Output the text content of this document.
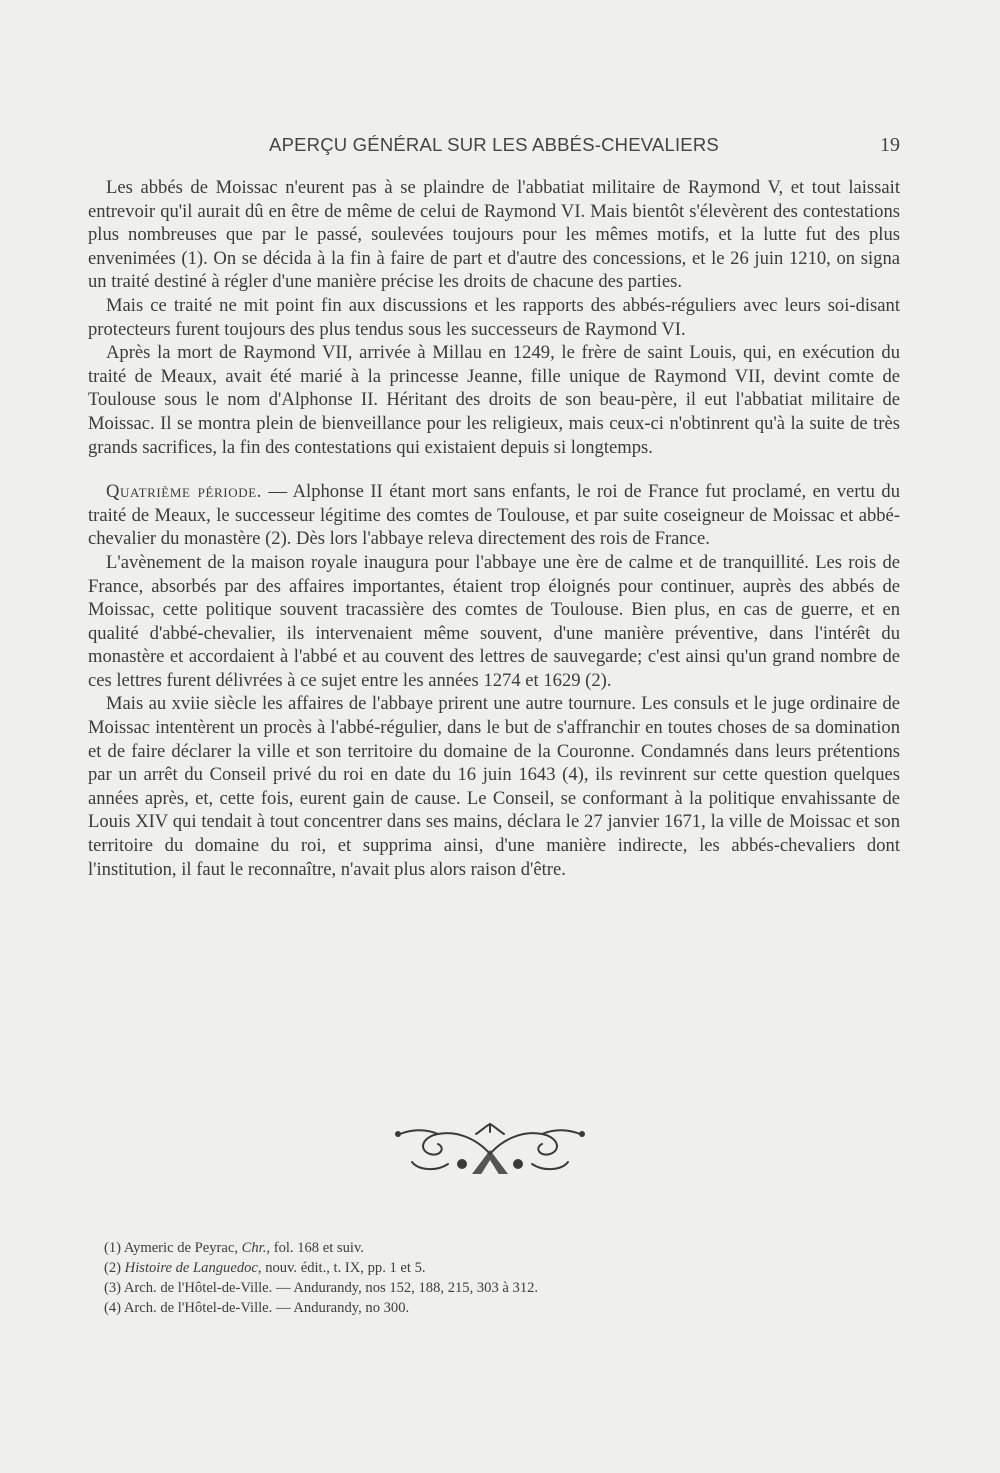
APERÇU GÉNÉRAL SUR LES ABBÉS-CHEVALIERS	19

Les abbés de Moissac n'eurent pas à se plaindre de l'abbatiat militaire de Raymond V, et tout laissait entrevoir qu'il aurait dû en être de même de celui de Raymond VI. Mais bientôt s'élevèrent des contestations plus nombreuses que par le passé, soulevées toujours pour les mêmes motifs, et la lutte fut des plus envenimées (1). On se décida à la fin à faire de part et d'autre des concessions, et le 26 juin 1210, on signa un traité destiné à régler d'une manière précise les droits de chacune des parties.

Mais ce traité ne mit point fin aux discussions et les rapports des abbés-réguliers avec leurs soi-disant protecteurs furent toujours des plus tendus sous les successeurs de Raymond VI.

Après la mort de Raymond VII, arrivée à Millau en 1249, le frère de saint Louis, qui, en exécution du traité de Meaux, avait été marié à la princesse Jeanne, fille unique de Raymond VII, devint comte de Toulouse sous le nom d'Alphonse II. Héritant des droits de son beau-père, il eut l'abbatiat militaire de Moissac. Il se montra plein de bienveillance pour les religieux, mais ceux-ci n'obtinrent qu'à la suite de très grands sacrifices, la fin des contestations qui existaient depuis si longtemps.

Quatrième période. — Alphonse II étant mort sans enfants, le roi de France fut proclamé, en vertu du traité de Meaux, le successeur légitime des comtes de Toulouse, et par suite coseigneur de Moissac et abbé-chevalier du monastère (2). Dès lors l'abbaye releva directement des rois de France.

L'avènement de la maison royale inaugura pour l'abbaye une ère de calme et de tranquillité. Les rois de France, absorbés par des affaires importantes, étaient trop éloignés pour continuer, auprès des abbés de Moissac, cette politique souvent tracassière des comtes de Toulouse. Bien plus, en cas de guerre, et en qualité d'abbé-chevalier, ils intervenaient même souvent, d'une manière préventive, dans l'intérêt du monastère et accordaient à l'abbé et au couvent des lettres de sauvegarde; c'est ainsi qu'un grand nombre de ces lettres furent délivrées à ce sujet entre les années 1274 et 1629 (2).

Mais au xviie siècle les affaires de l'abbaye prirent une autre tournure. Les consuls et le juge ordinaire de Moissac intentèrent un procès à l'abbé-régulier, dans le but de s'affranchir en toutes choses de sa domination et de faire déclarer la ville et son territoire du domaine de la Couronne. Condamnés dans leurs prétentions par un arrêt du Conseil privé du roi en date du 16 juin 1643 (4), ils revinrent sur cette question quelques années après, et, cette fois, eurent gain de cause. Le Conseil, se conformant à la politique envahissante de Louis XIV qui tendait à tout concentrer dans ses mains, déclara le 27 janvier 1671, la ville de Moissac et son territoire du domaine du roi, et supprima ainsi, d'une manière indirecte, les abbés-chevaliers dont l'institution, il faut le reconnaître, n'avait plus alors raison d'être.

(1) Aymeric de Peyrac, Chr., fol. 168 et suiv.

(2) Histoire de Languedoc, nouv. édit., t. IX, pp. 1 et 5.

(3) Arch. de l'Hôtel-de-Ville. — Andurandy, nos 152, 188, 215, 303 à 312.

(4) Arch. de l'Hôtel-de-Ville. — Andurandy, no 300.
